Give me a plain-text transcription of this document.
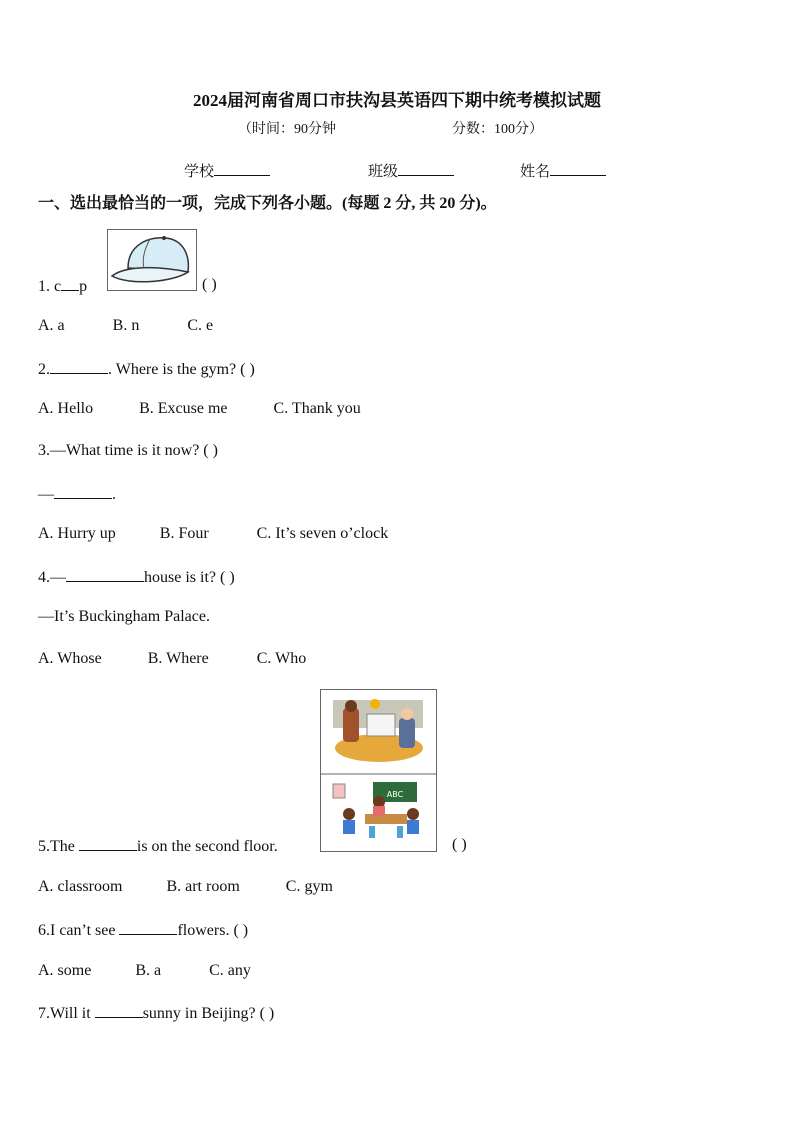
2024届河南省周口市扶沟县英语四下期中统考模拟试题
（时间：90分钟	分数：100分）
学校	班级	姓名
一、选出最恰当的一项，完成下列各小题。(每题 2 分, 共 20 分)。
1. c p	( )
A. a	B. n	C. e
2.	. Where is the gym? ( )
A. Hello	B. Excuse me	C. Thank you
3.—What time is it now? ( )
—	.
A. Hurry up	B. Four	C. It’s seven o’clock
4.—	house is it? ( )
—It’s Buckingham Palace.
A. Whose	B. Where	C. Who
ABC
5.The	is on the second floor.	( )
A. classroom	B. art room	C. gym
6.I can’t see	flowers. ( )
A. some	B. a	C. any
7.Will it	sunny in Beijing? ( )
